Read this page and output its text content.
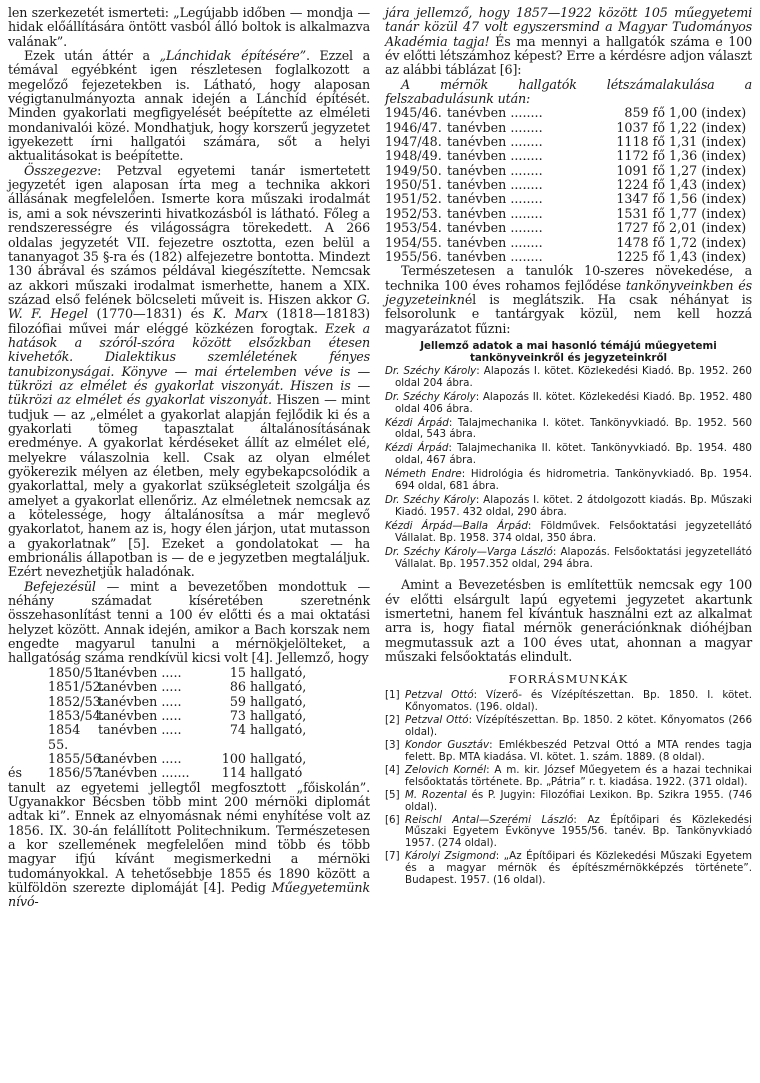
len szerkezetét ismerteti: „Legújabb időben — mondja — hidak előállítására öntött vasból álló boltok is alkalmazva valának”.

Ezek után áttér a „Lánchidak építésére”. Ezzel a témával egyébként igen részletesen foglalkozott a megelőző fejezetekben is. Látható, hogy alaposan végigtanulmányozta annak idején a Lánchíd építését. Minden gyakorlati megfigyelését beépítette az elméleti mondanivalói közé. Mondhatjuk, hogy korszerű jegyzetet igyekezett írni hallgatói számára, sőt a helyi aktualitásokat is beépítette.

Összegezve: Petzval egyetemi tanár ismertetett jegyzetét igen alaposan írta meg a technika akkori állásának megfelelően. Ismerte kora műszaki irodalmát is, ami a sok névszerinti hivatkozásból is látható. Főleg a rendszerességre és világosságra törekedett. A 266 oldalas jegyzetét VII. fejezetre osztotta, ezen belül a tananyagot 35 §-ra és (182) alfejezetre bontotta. Mindezt 130 ábrával és számos példával kiegészítette. Nemcsak az akkori műszaki irodalmat ismerhette, hanem a XIX. század első felének bölcseleti műveit is. Hiszen akkor G. W. F. Hegel (1770—1831) és K. Marx (1818—18183) filozófiai művei már eléggé közkézen forogtak. Ezek a hatások a szóról-szóra között elsőzkban étesen kivehetők. Dialektikus szemléletének fényes tanubizonyságai. Könyve — mai értelemben véve is — tükrözi az elmélet és gyakorlat viszonyát. Hiszen is — tükrözi az elmélet és gyakorlat viszonyát. Hiszen — mint tudjuk — az „elmélet a gyakorlat alapján fejlődik ki és a gyakorlati tömeg tapasztalat általánosításának eredménye. A gyakorlat kérdéseket állít az elmélet elé, melyekre válaszolnia kell. Csak az olyan elmélet gyökerezik mélyen az életben, mely egybekapcsolódik a gyakorlattal, mely a gyakorlat szükségleteit szolgálja és amelyet a gyakorlat ellenőriz. Az elméletnek nemcsak az a kötelessége, hogy általánosítsa a már meglevő gyakorlatot, hanem az is, hogy élen járjon, utat mutasson a gyakorlatnak” [5]. Ezeket a gondolatokat — ha embrionális állapotban is — de e jegyzetben megtaláljuk. Ezért nevezhetjük haladónak.

Befejezésül — mint a bevezetőben mondottuk — néhány számadat kíséretében szeretnénk összehasonlítást tenni a 100 év előtti és a mai oktatási helyzet között. Annak idején, amikor a Bach korszak nem engedte magyarul tanulni a mérnökjelölteket, a hallgatóság száma rendkívül kicsi volt [4]. Jellemző, hogy

1850/51.
tanévben .....	15 hallgató,
1851/52.
tanévben .....	86 hallgató,
1852/53.
tanévben .....	59 hallgató,
1853/54.
tanévben .....	73 hallgató,
1854 55.
tanévben .....	74 hallgató,
1855/56.
tanévben .....	100 hallgató,
és	1856/57.
tanévben .......	114 hallgató

tanult az egyetemi jellegtől megfosztott „főiskolán”. Ugyanakkor Bécsben több mint 200 mérnöki diplomát adtak ki”. Ennek az elnyomásnak némi enyhítése volt az 1856. IX. 30-án felállított Politechnikum. Természetesen a kor szellemének megfelelően mind több és több magyar ifjú kívánt megismerkedni a mérnöki tudományokkal. A tehetősebbje 1855 és 1890 között a külföldön szerezte diplomáját [4]. Pedig Műegyetemünk nívó-

jára jellemző, hogy 1857—1922 között 105 műegyetemi tanár közül 47 volt egyszersmind a Magyar Tudományos Akadémia tagja! És ma mennyi a hallgatók száma e 100 év előtti létszámhoz képest? Erre a kérdésre adjon választ az alábbi táblázat [6]:

A mérnök hallgatók létszámalakulása a felszabadulásunk után:

1945/46. tanévben ........	859 fő 1,00 (index)
1946/47. tanévben ........	1037 fő 1,22 (index)
1947/48. tanévben ........	1118 fő 1,31 (index)
1948/49. tanévben ........	1172 fő 1,36 (index)
1949/50. tanévben ........	1091 fő 1,27 (index)
1950/51. tanévben ........	1224 fő 1,43 (index)
1951/52. tanévben ........	1347 fő 1,56 (index)
1952/53. tanévben ........	1531 fő 1,77 (index)
1953/54. tanévben ........	1727 fő 2,01 (index)
1954/55. tanévben ........	1478 fő 1,72 (index)
1955/56. tanévben ........	1225 fő 1,43 (index)

Természetesen a tanulók 10-szeres növekedése, a technika 100 éves rohamos fejlődése tankönyveinkben és jegyzeteinknél is meglátszik. Ha csak néhányat is felsorolunk e tantárgyak közül, nem kell hozzá magyarázatot fűzni:

Jellemző adatok a mai hasonló témájú műegyetemi tankönyveinkről és jegyzeteinkről
Dr. Széchy Károly: Alapozás I. kötet. Közlekedési Kiadó. Bp. 1952. 260 oldal 204 ábra.
Dr. Széchy Károly: Alapozás II. kötet. Közlekedési Kiadó. Bp. 1952. 480 oldal 406 ábra.
Kézdi Árpád: Talajmechanika I. kötet. Tankönyvkiadó. Bp. 1952. 560 oldal, 543 ábra.
Kézdi Árpád: Talajmechanika II. kötet. Tankönyvkiadó. Bp. 1954. 480 oldal, 467 ábra.
Németh Endre: Hidrológia és hidrometria. Tankönyvkiadó. Bp. 1954. 694 oldal, 681 ábra.
Dr. Széchy Károly: Alapozás I. kötet. 2 átdolgozott kiadás. Bp. Műszaki Kiadó. 1957. 432 oldal, 290 ábra.
Kézdi Árpád—Balla Árpád: Földművek. Felsőoktatási jegyzetellátó Vállalat. Bp. 1958. 374 oldal, 350 ábra.
Dr. Széchy Károly—Varga László: Alapozás. Felsőoktatási jegyzetellátó Vállalat. Bp. 1957.352 oldal, 294 ábra.

Amint a Bevezetésben is említettük nemcsak egy 100 év előtti elsárgult lapú egyetemi jegyzetet akartunk ismertetni, hanem fel kívántuk használni ezt az alkalmat arra is, hogy fiatal mérnök generációnknak dióhéjban megmutassuk azt a 100 éves utat, ahonnan a magyar műszaki felsőoktatás elindult.

FORRÁSMUNKÁK
[1] Petzval Ottó: Vízerő- és Vízépítészettan. Bp. 1850. I. kötet. Kőnyomatos. (196. oldal).
[2] Petzval Ottó: Vízépítészettan. Bp. 1850. 2 kötet. Kőnyomatos (266 oldal).
[3] Kondor Gusztáv: Emlékbeszéd Petzval Ottó a MTA rendes tagja felett. Bp. MTA kiadása. VI. kötet. 1. szám. 1889. (8 oldal).
[4] Zelovich Kornél: A m. kir. József Műegyetem és a hazai technikai felsőoktatás története. Bp. „Pátria” r. t. kiadása. 1922. (371 oldal).
[5] M. Rozental és P. Jugyin: Filozófiai Lexikon. Bp. Szikra 1955. (746 oldal).
[6] Reischl Antal—Szerémi László: Az Építőipari és Közlekedési Műszaki Egyetem Évkönyve 1955/56. tanév. Bp. Tankönyvkiadó 1957. (274 oldal).
[7] Károlyi Zsigmond: „Az Építőipari és Közlekedési Műszaki Egyetem és a magyar mérnök és építészmérnökképzés története”. Budapest. 1957. (16 oldal).
